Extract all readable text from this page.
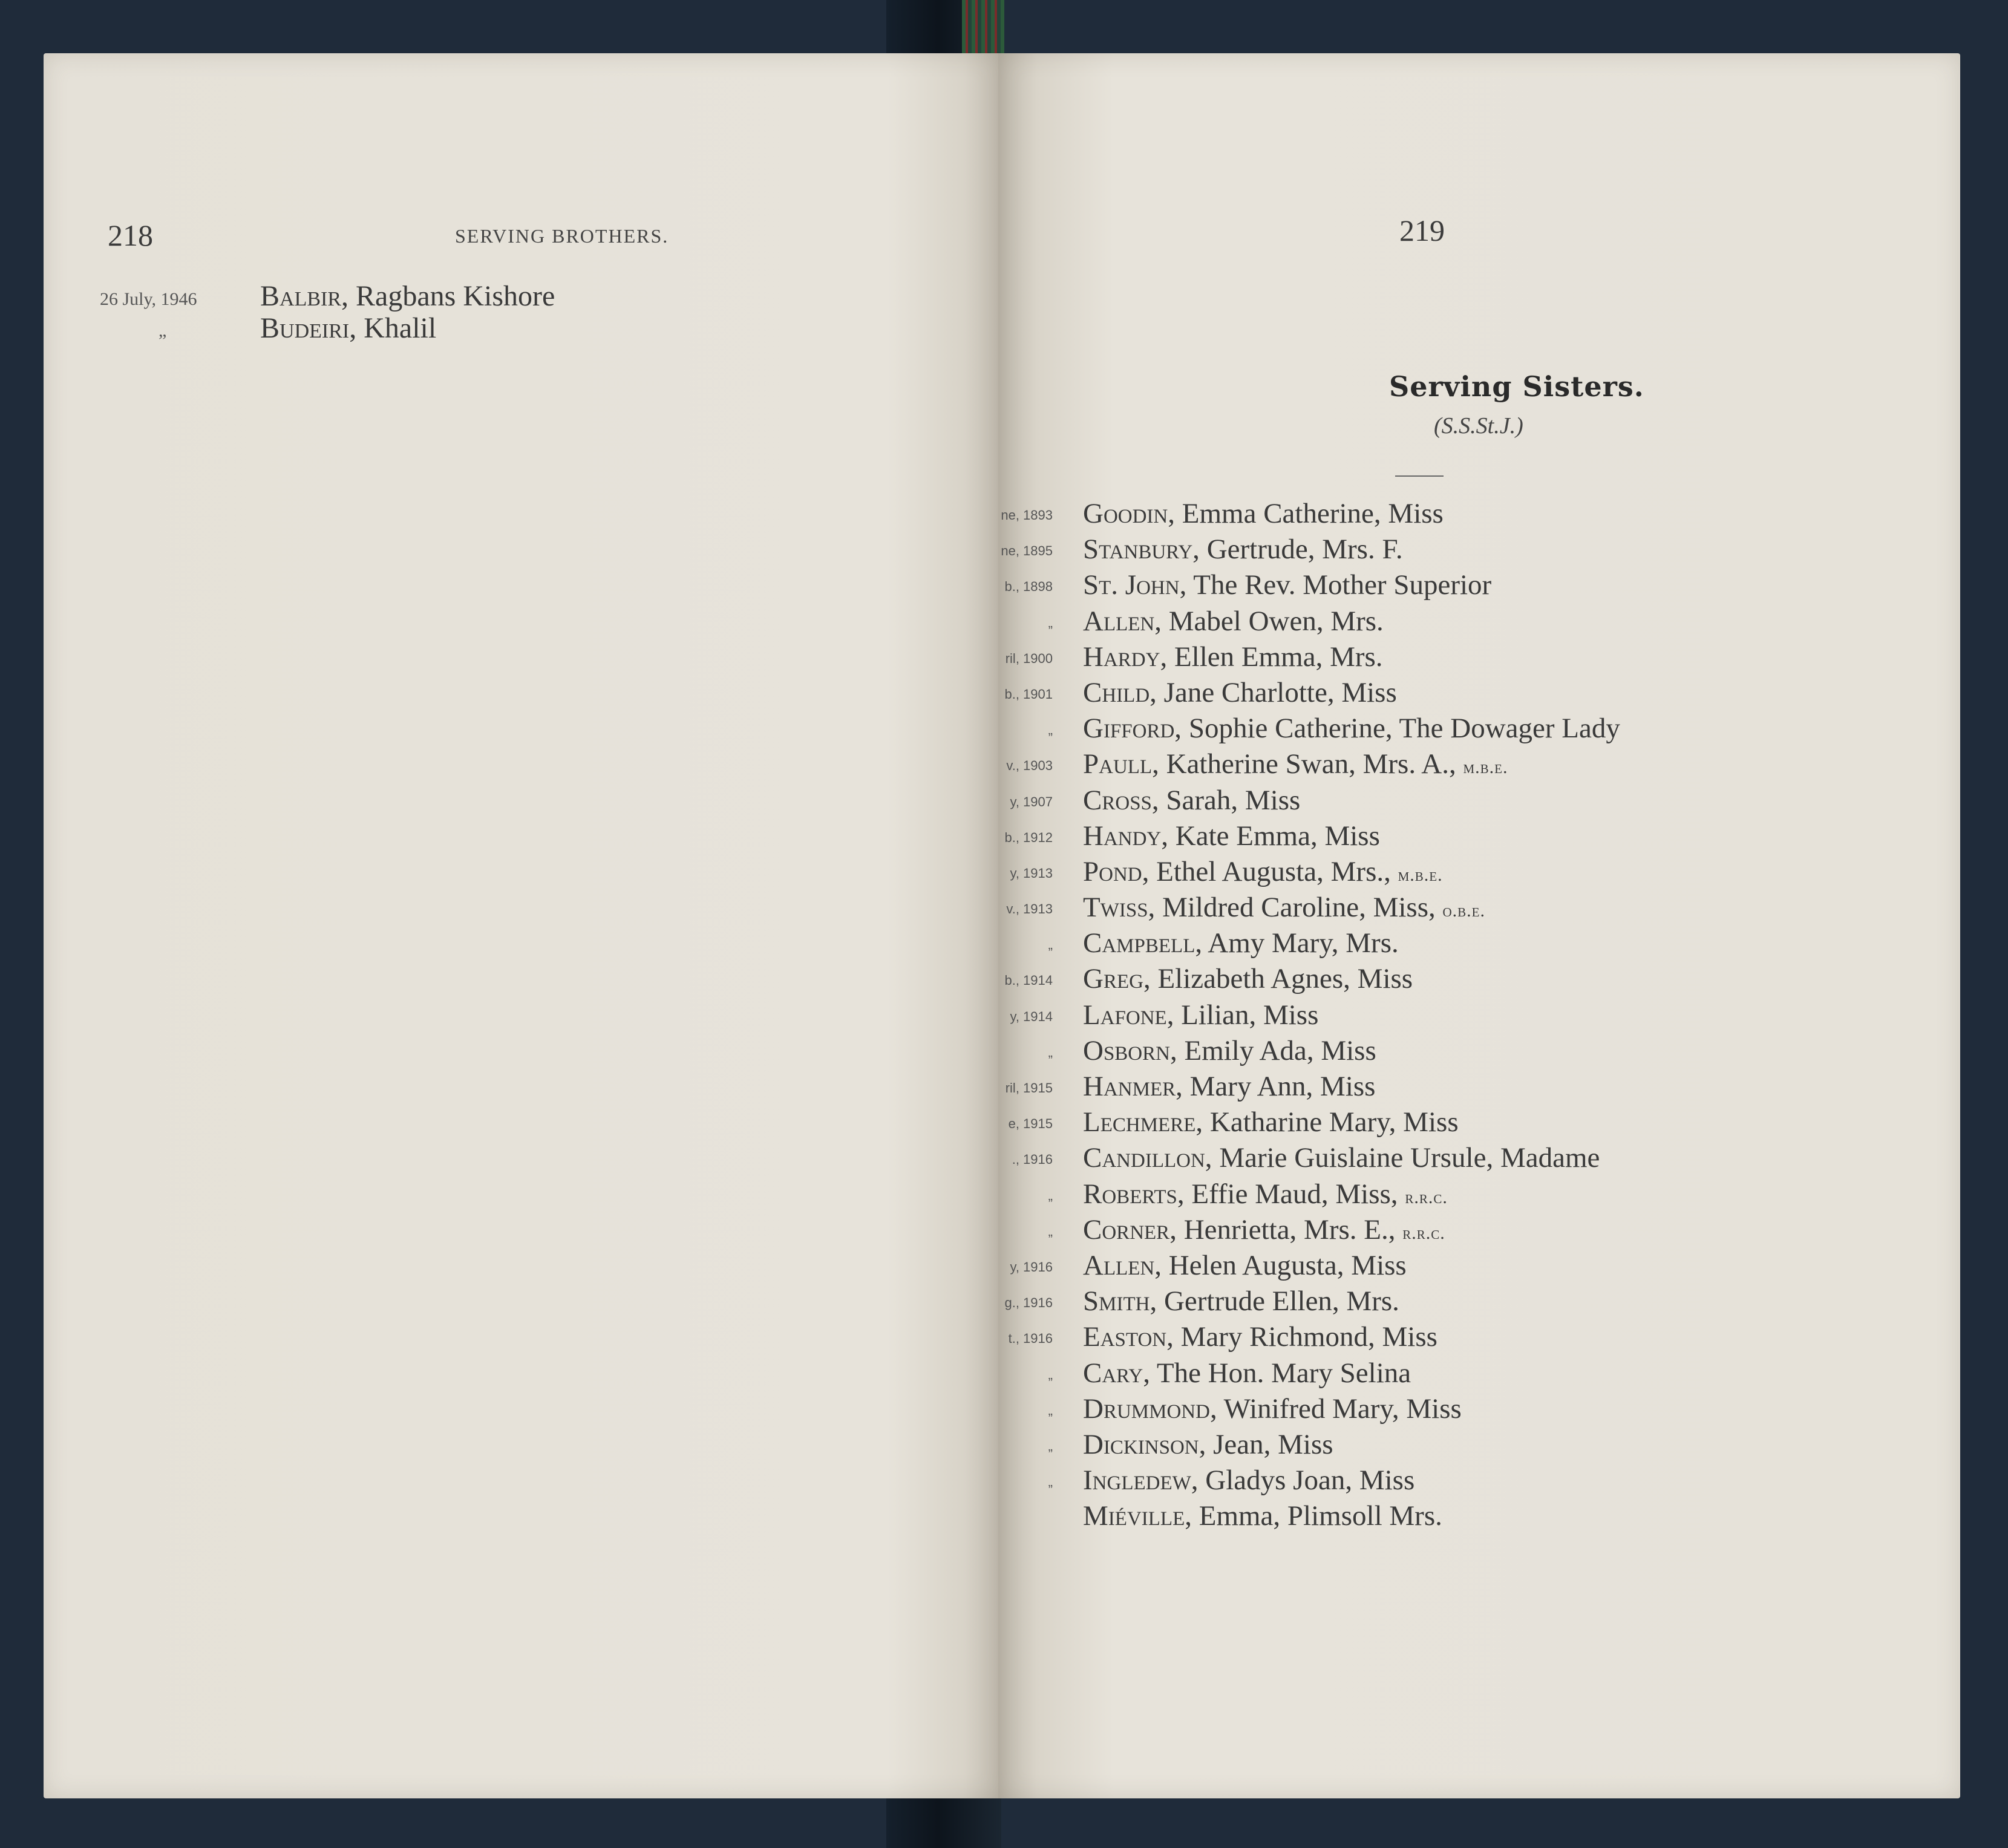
218	SERVING BROTHERS.
26 July, 1946 Balbir, Ragbans Kishore
„	Budeiri, Khalil
219
Serving Sisters.
(S.S.St.J.)
ne, 1893
ne, 1895
b., 1898
„
ril, 1900
b., 1901
„
v., 1903
y, 1907
b., 1912
y, 1913
v., 1913
„
b., 1914
y, 1914
„
ril, 1915
e, 1915
., 1916
„
„
y, 1916
g., 1916
t., 1916
„
„
„
„
Goodin, Emma Catherine, Miss
Stanbury, Gertrude, Mrs. F.
St. John, The Rev. Mother Superior
Allen, Mabel Owen, Mrs.
Hardy, Ellen Emma, Mrs.
Child, Jane Charlotte, Miss
Gifford, Sophie Catherine, The Dowager Lady
Paull, Katherine Swan, Mrs. A., m.b.e.
Cross, Sarah, Miss
Handy, Kate Emma, Miss
Pond, Ethel Augusta, Mrs., m.b.e.
Twiss, Mildred Caroline, Miss, o.b.e.
Campbell, Amy Mary, Mrs.
Greg, Elizabeth Agnes, Miss
Lafone, Lilian, Miss
Osborn, Emily Ada, Miss
Hanmer, Mary Ann, Miss
Lechmere, Katharine Mary, Miss
Candillon, Marie Guislaine Ursule, Madame
Roberts, Effie Maud, Miss, r.r.c.
Corner, Henrietta, Mrs. E., r.r.c.
Allen, Helen Augusta, Miss
Smith, Gertrude Ellen, Mrs.
Easton, Mary Richmond, Miss
Cary, The Hon. Mary Selina
Drummond, Winifred Mary, Miss
Dickinson, Jean, Miss
Ingledew, Gladys Joan, Miss
Miéville, Emma, Plimsoll Mrs.
